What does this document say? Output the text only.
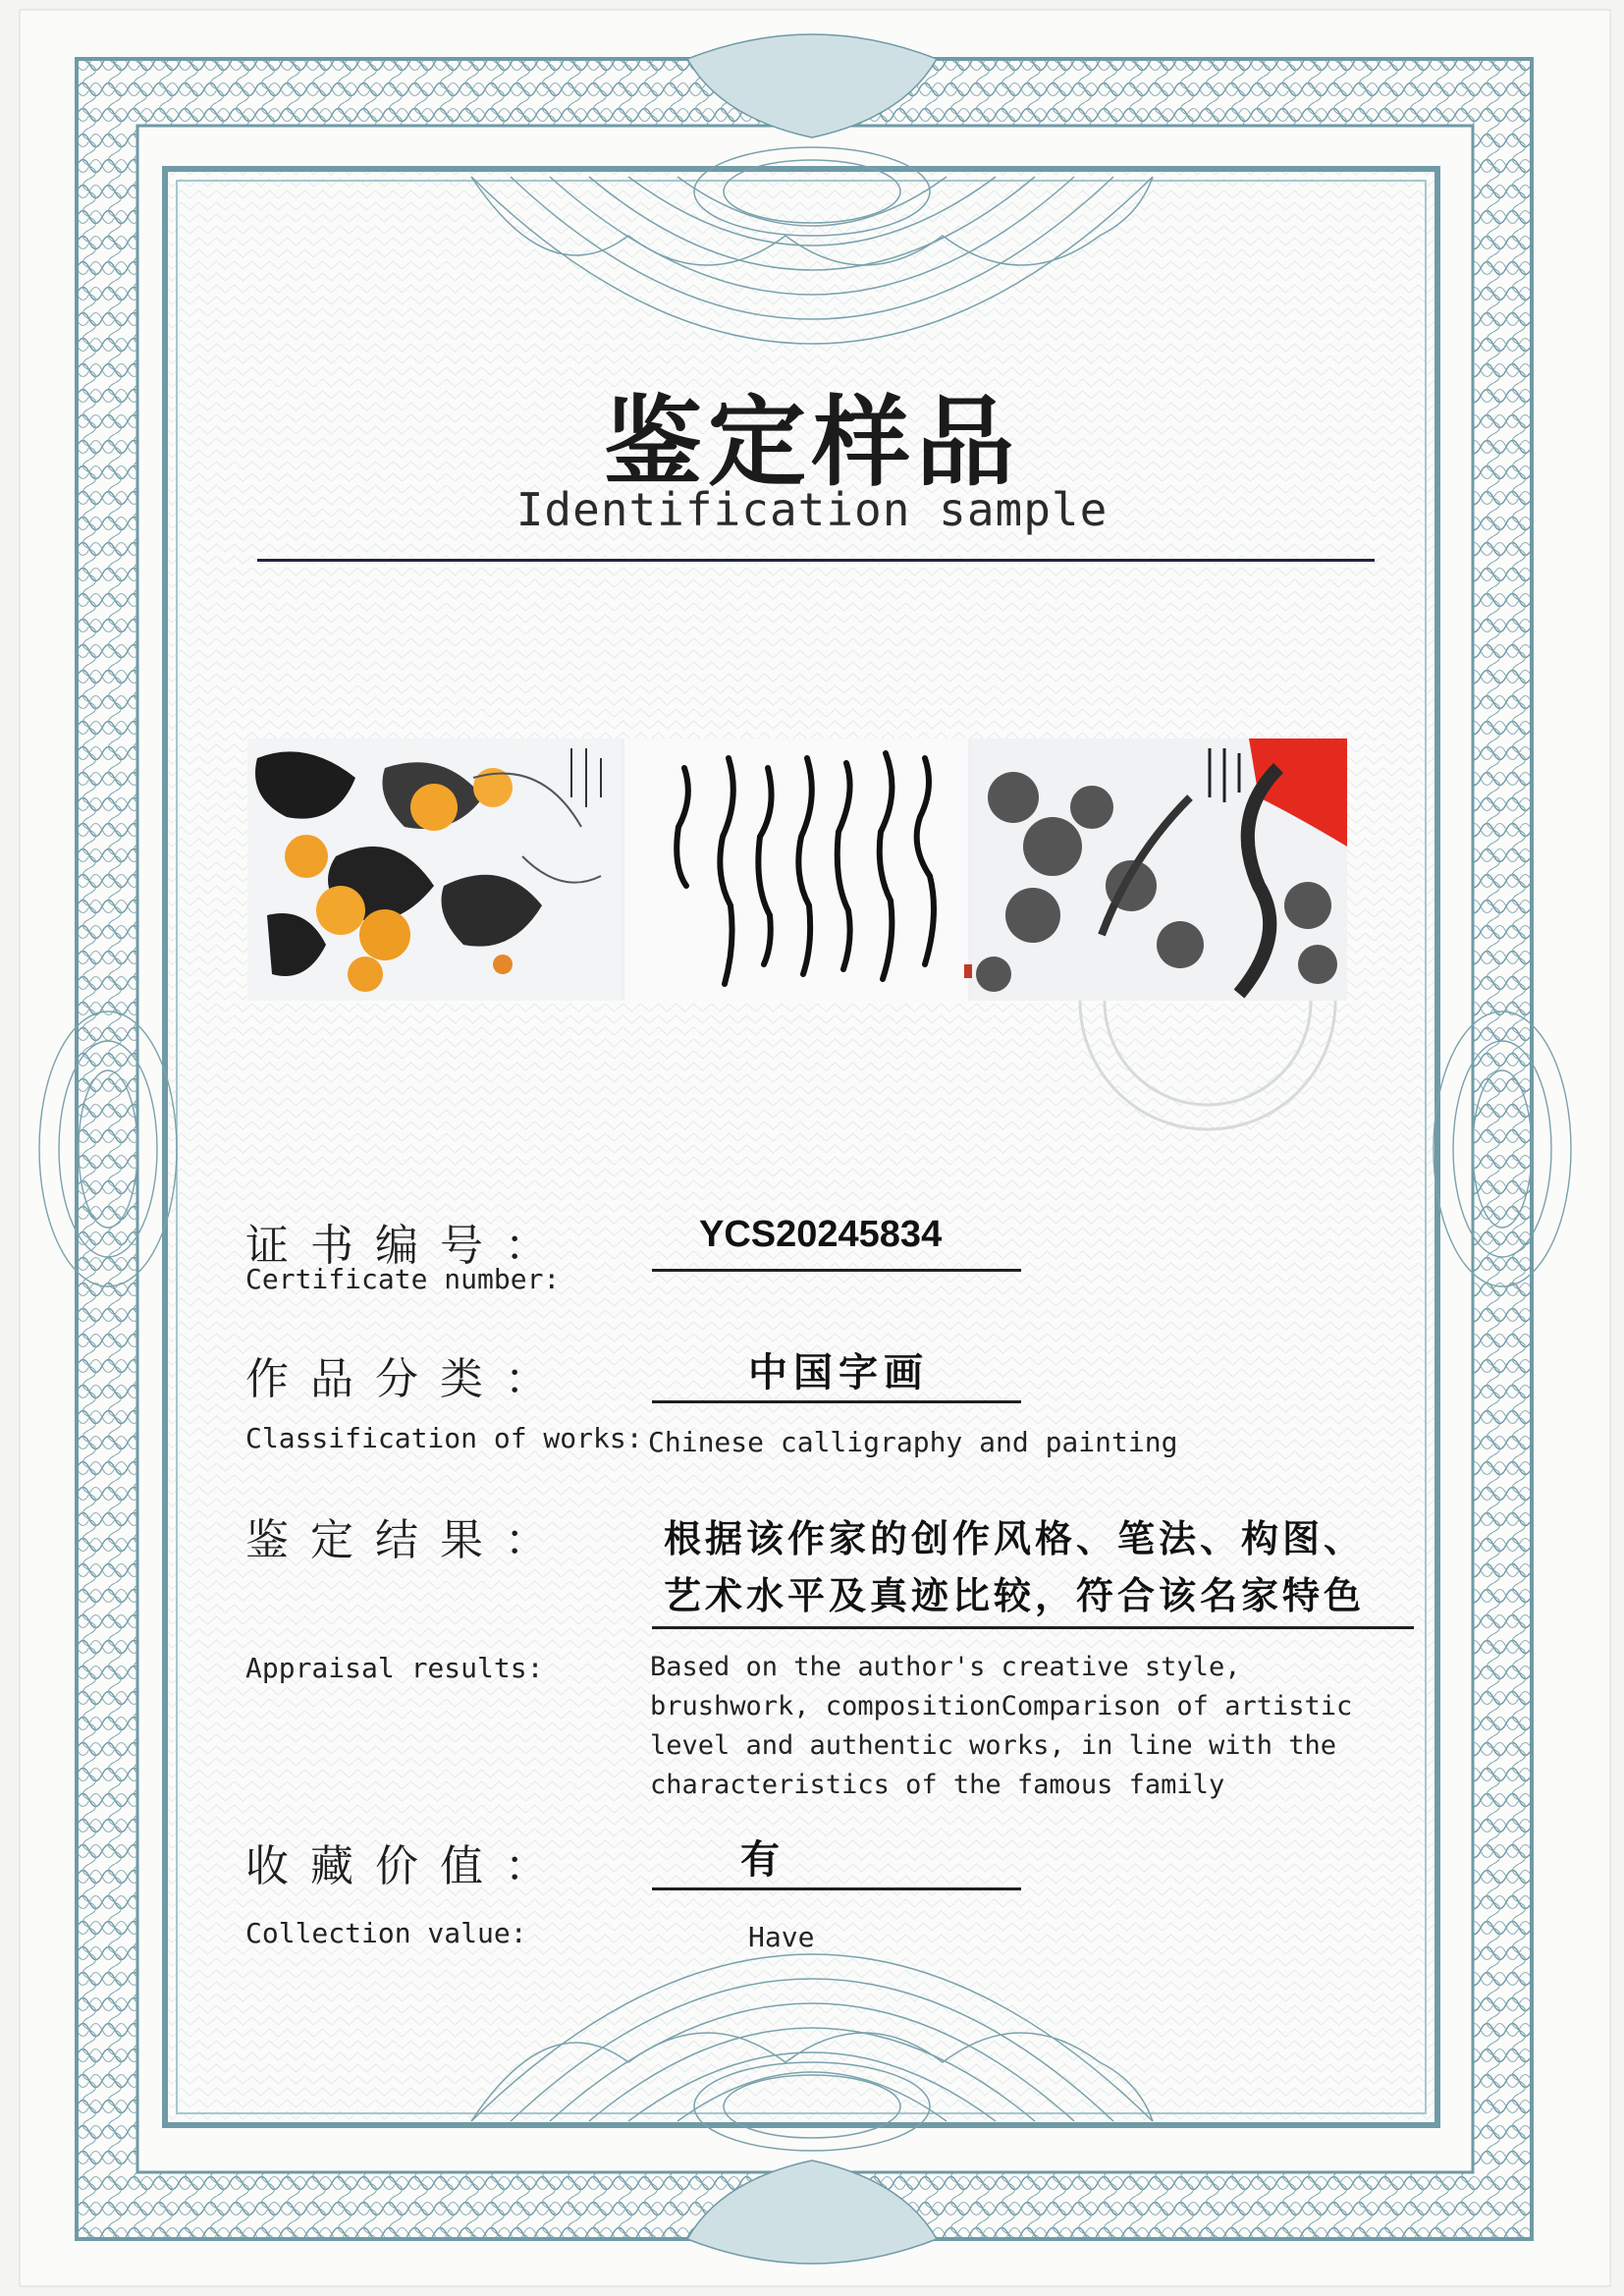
鉴定样品
Identification sample
证书编号：
Certificate number:
YCS20245834
作品分类：	中国字画
Classification of works: Chinese calligraphy and painting
鉴定结果：	根据该作家的创作风格、笔法、构图、
艺术水平及真迹比较，符合该名家特色
Appraisal results:	Based on the author's creative style, brushwork, compositionComparison of artistic level and authentic works, in line with the characteristics of the famous family
收藏价值：	有
Collection value:	Have
